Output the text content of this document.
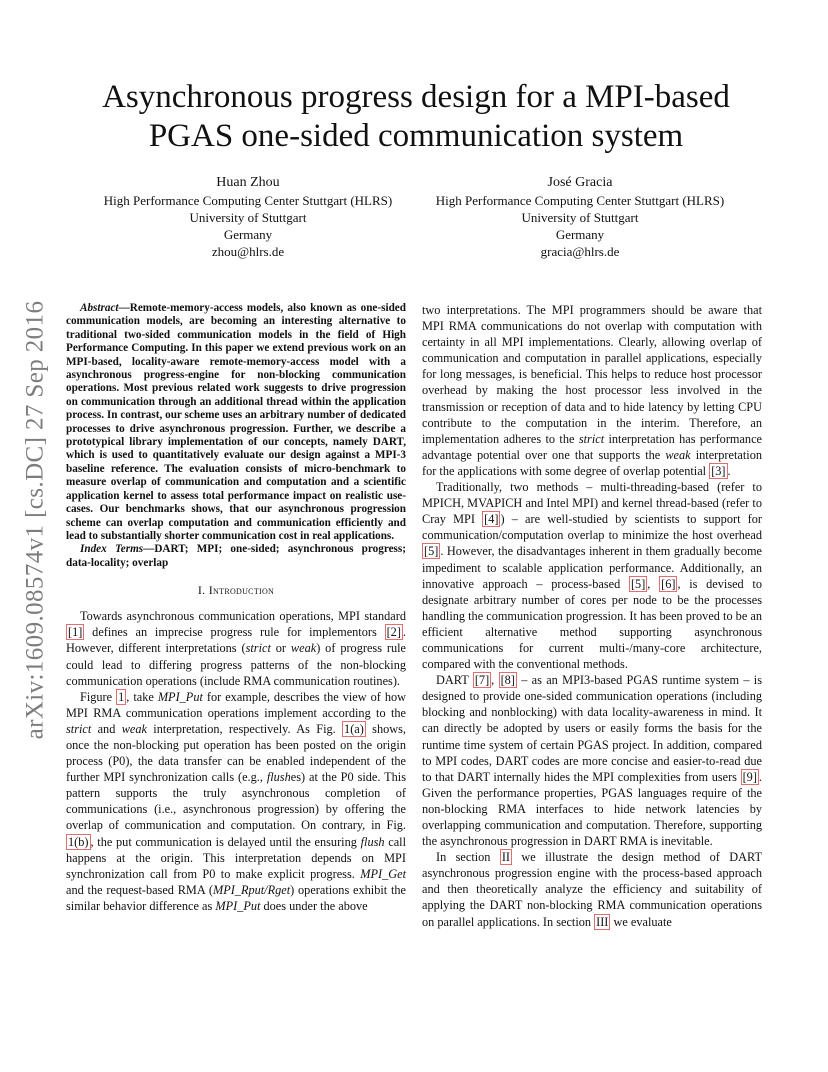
arXiv:1609.08574v1 [cs.DC] 27 Sep 2016
Asynchronous progress design for a MPI-based PGAS one-sided communication system
Huan Zhou
High Performance Computing Center Stuttgart (HLRS)
University of Stuttgart
Germany
zhou@hlrs.de
José Gracia
High Performance Computing Center Stuttgart (HLRS)
University of Stuttgart
Germany
gracia@hlrs.de

Abstract—Remote-memory-access models, also known as one-sided communication models, are becoming an interesting alternative to traditional two-sided communication models in the field of High Performance Computing. In this paper we extend previous work on an MPI-based, locality-aware remote-memory-access model with a asynchronous progress-engine for non-blocking communication operations. Most previous related work suggests to drive progression on communication through an additional thread within the application process. In contrast, our scheme uses an arbitrary number of dedicated processes to drive asynchronous progression. Further, we describe a prototypical library implementation of our concepts, namely DART, which is used to quantitatively evaluate our design against a MPI-3 baseline reference. The evaluation consists of micro-benchmark to measure overlap of communication and computation and a scientific application kernel to assess total performance impact on realistic use-cases. Our benchmarks shows, that our asynchronous progression scheme can overlap computation and communication efficiently and lead to substantially shorter communication cost in real applications.

Index Terms—DART; MPI; one-sided; asynchronous progress; data-locality; overlap

I. Introduction

Towards asynchronous communication operations, MPI standard [1] defines an imprecise progress rule for implementors [2] . However, different interpretations (strict or weak) of progress rule could lead to differing progress patterns of the non-blocking communication operations (include RMA communication routines).

Figure 1 , take MPI_Put for example, describes the view of how MPI RMA communication operations implement according to the strict and weak interpretation, respectively. As Fig. 1(a) shows, once the non-blocking put operation has been posted on the origin process (P0), the data transfer can be enabled independent of the further MPI synchronization calls (e.g., flushes) at the P0 side. This pattern supports the truly asynchronous completion of communications (i.e., asynchronous progression) by offering the overlap of communication and computation. On contrary, in Fig. 1(b) , the put communication is delayed until the ensuring flush call happens at the origin. This interpretation depends on MPI synchronization call from P0 to make explicit progress. MPI_Get and the request-based RMA (MPI_Rput/Rget) operations exhibit the similar behavior difference as MPI_Put does under the above

two interpretations. The MPI programmers should be aware that MPI RMA communications do not overlap with computation with certainty in all MPI implementations. Clearly, allowing overlap of communication and computation in parallel applications, especially for long messages, is beneficial. This helps to reduce host processor overhead by making the host processor less involved in the transmission or reception of data and to hide latency by letting CPU contribute to the computation in the interim. Therefore, an implementation adheres to the strict interpretation has performance advantage potential over one that supports the weak interpretation for the applications with some degree of overlap potential [3] .

Traditionally, two methods – multi-threading-based (refer to MPICH, MVAPICH and Intel MPI) and kernel thread-based (refer to Cray MPI [4] ) – are well-studied by scientists to support for communication/computation overlap to minimize the host overhead [5] . However, the disadvantages inherent in them gradually become impediment to scalable application performance. Additionally, an innovative approach – process-based [5] , [6] , is devised to designate arbitrary number of cores per node to be the processes handling the communication progression. It has been proved to be an efficient alternative method supporting asynchronous communications for current multi-/many-core architecture, compared with the conventional methods.

DART [7] , [8] – as an MPI3-based PGAS runtime system – is designed to provide one-sided communication operations (including blocking and nonblocking) with data locality-awareness in mind. It can directly be adopted by users or easily forms the basis for the runtime time system of certain PGAS project. In addition, compared to MPI codes, DART codes are more concise and easier-to-read due to that DART internally hides the MPI complexities from users [9] . Given the performance properties, PGAS languages require of the non-blocking RMA interfaces to hide network latencies by overlapping communication and computation. Therefore, supporting the asynchronous progression in DART RMA is inevitable.

In section II we illustrate the design method of DART asynchronous progression engine with the process-based approach and then theoretically analyze the efficiency and suitability of applying the DART non-blocking RMA communication operations on parallel applications. In section III we evaluate
